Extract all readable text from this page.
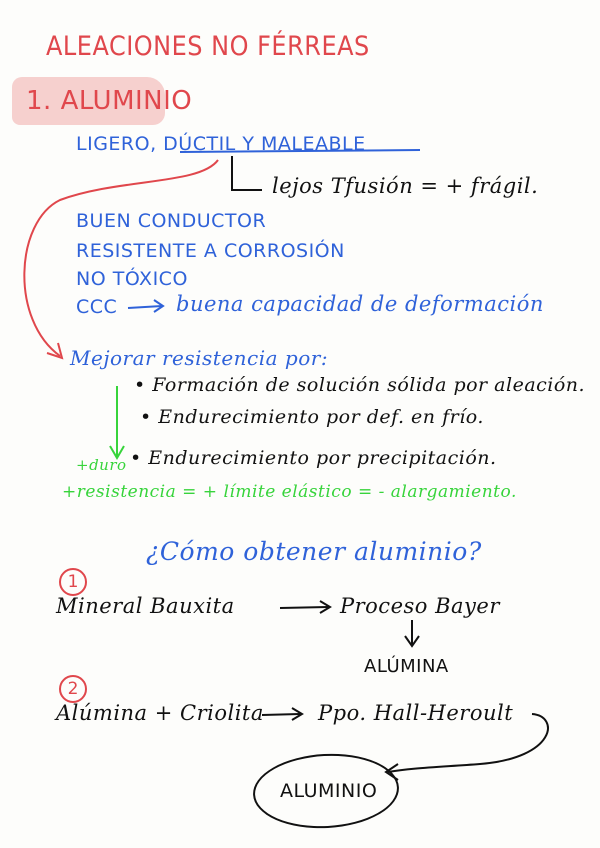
ALEACIONES NO FÉRREAS
1. ALUMINIO
LIGERO, DÚCTIL Y MALEABLE
lejos Tfusión = + frágil.
BUEN CONDUCTOR
RESISTENTE A CORROSIÓN
NO TÓXICO
CCC	buena capacidad de deformación
Mejorar resistencia por:
• Formación de solución sólida por aleación.
• Endurecimiento por def. en frío.
• Endurecimiento por precipitación.
+duro
+resistencia = + límite elástico = - alargamiento.
¿Cómo obtener aluminio?
1
Mineral Bauxita	Proceso Bayer
ALÚMINA
2
Alúmina + Criolita	Ppo. Hall-Heroult
ALUMINIO
